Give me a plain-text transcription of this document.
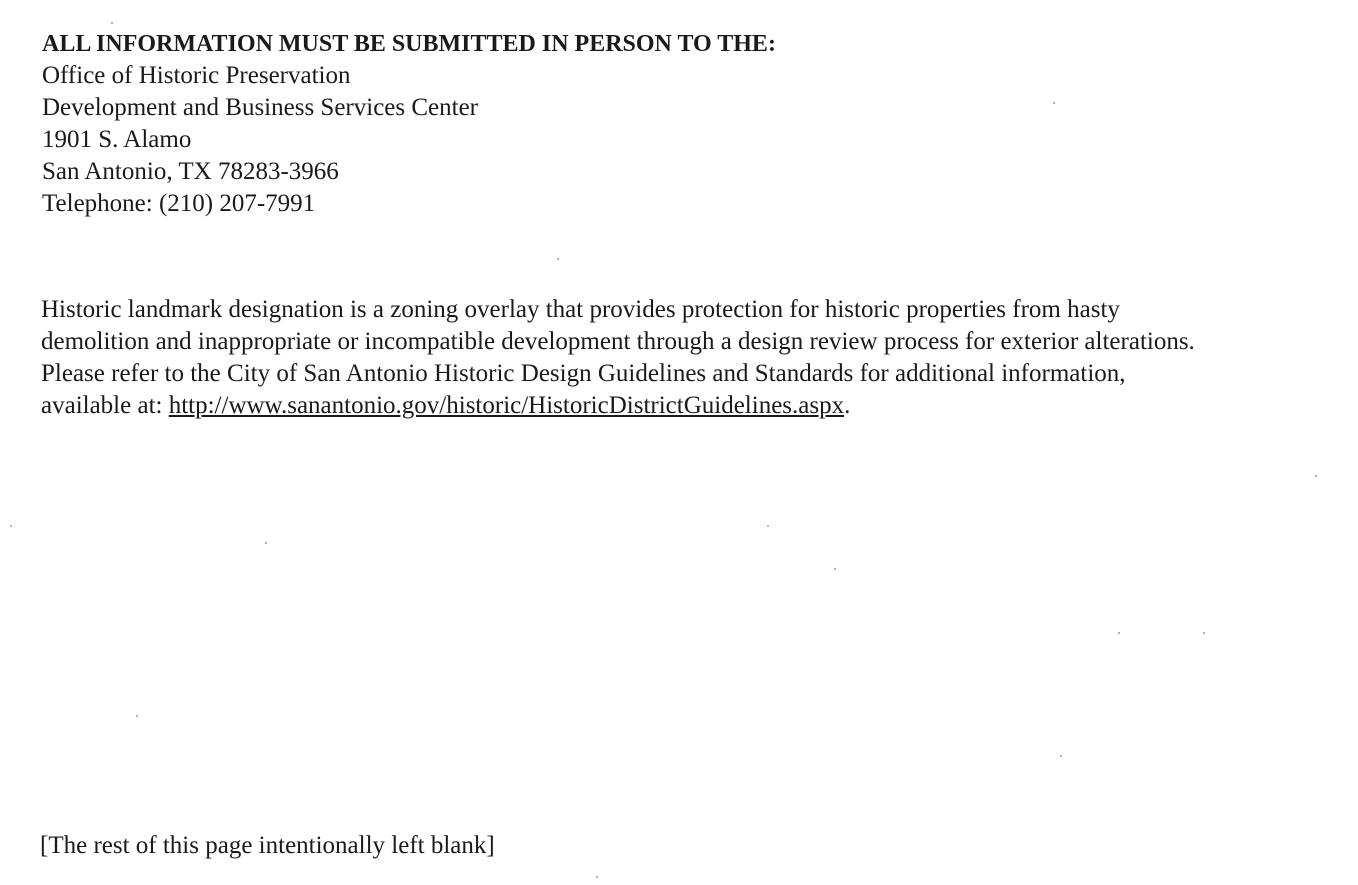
ALL INFORMATION MUST BE SUBMITTED IN PERSON TO THE:
Office of Historic Preservation
Development and Business Services Center
1901 S. Alamo
San Antonio, TX 78283-3966
Telephone: (210) 207-7991
Historic landmark designation is a zoning overlay that provides protection for historic properties from hasty
demolition and inappropriate or incompatible development through a design review process for exterior alterations.
Please refer to the City of San Antonio Historic Design Guidelines and Standards for additional information,
available at: http://www.sanantonio.gov/historic/HistoricDistrictGuidelines.aspx.
[The rest of this page intentionally left blank]
